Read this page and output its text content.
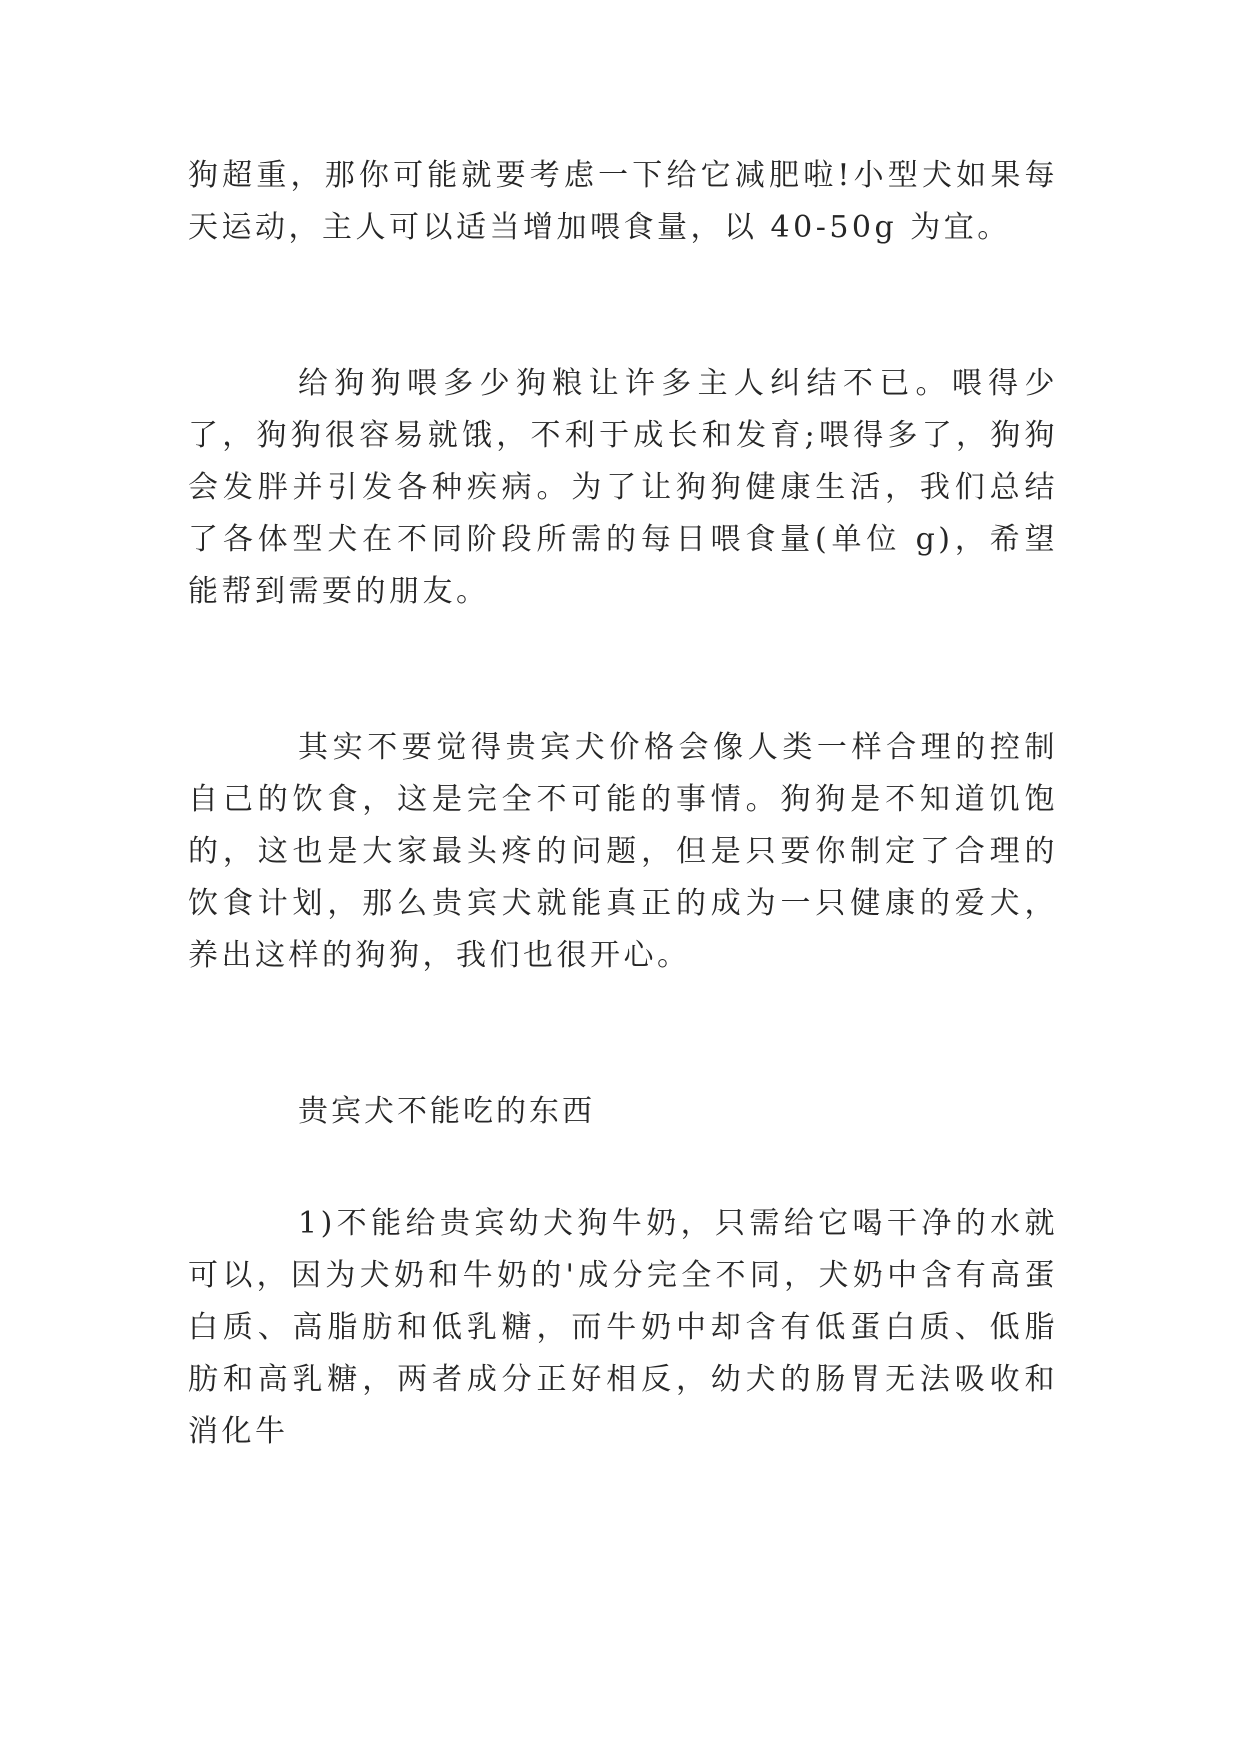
狗超重，那你可能就要考虑一下给它减肥啦!小型犬如果每天运动，主人可以适当增加喂食量，以 40-50g 为宜。

给狗狗喂多少狗粮让许多主人纠结不已。喂得少了，狗狗很容易就饿，不利于成长和发育;喂得多了，狗狗会发胖并引发各种疾病。为了让狗狗健康生活，我们总结了各体型犬在不同阶段所需的每日喂食量(单位 g)，希望能帮到需要的朋友。

其实不要觉得贵宾犬价格会像人类一样合理的控制自己的饮食，这是完全不可能的事情。狗狗是不知道饥饱的，这也是大家最头疼的问题，但是只要你制定了合理的饮食计划，那么贵宾犬就能真正的成为一只健康的爱犬，养出这样的狗狗，我们也很开心。

贵宾犬不能吃的东西

1)不能给贵宾幼犬狗牛奶，只需给它喝干净的水就可以，因为犬奶和牛奶的'成分完全不同，犬奶中含有高蛋白质、高脂肪和低乳糖，而牛奶中却含有低蛋白质、低脂肪和高乳糖，两者成分正好相反，幼犬的肠胃无法吸收和消化牛
